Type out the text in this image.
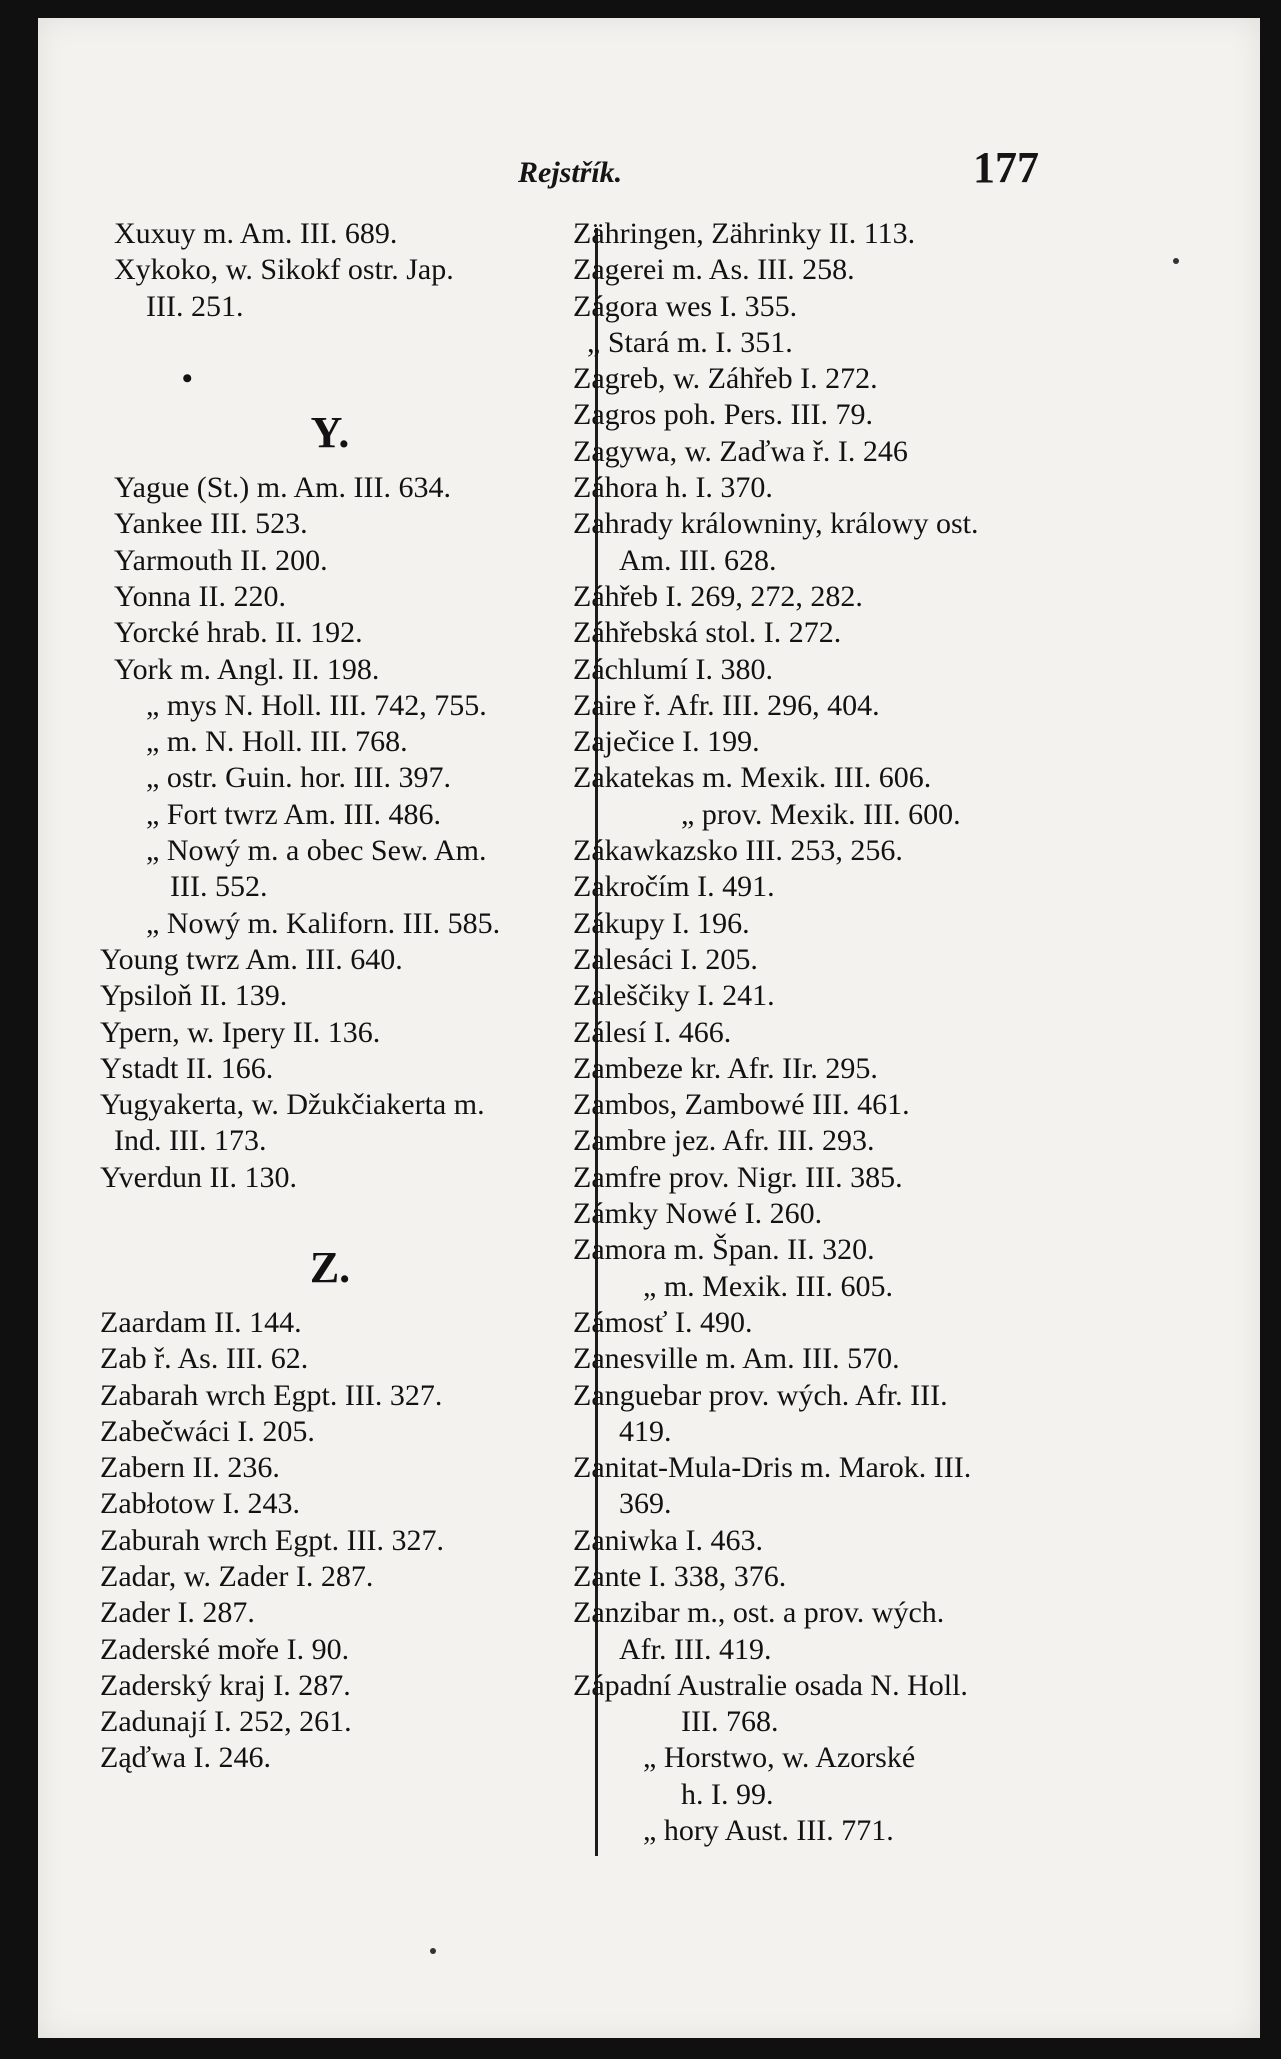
Rejstřík.	177
Xuxuy m. Am. III. 689.
Xykoko, w. Sikokf ostr. Jap.
III. 251.
•
Y.
Yague (St.) m. Am. III. 634.
Yankee III. 523.
Yarmouth II. 200.
Yonna II. 220.
Yorcké hrab. II. 192.
York m. Angl. II. 198.
„ mys N. Holl. III. 742, 755.
„ m. N. Holl. III. 768.
„ ostr. Guin. hor. III. 397.
„ Fort twrz Am. III. 486.
„ Nowý m. a obec Sew. Am.
III. 552.
„ Nowý m. Kaliforn. III. 585.
Young twrz Am. III. 640.
Ypsiloň II. 139.
Ypern, w. Ipery II. 136.
Ystadt II. 166.
Yugyakerta, w. Džukčiakerta m.
Ind. III. 173.
Yverdun II. 130.
Z.
Zaardam II. 144.
Zab ř. As. III. 62.
Zabarah wrch Egpt. III. 327.
Zabečwáci I. 205.
Zabern II. 236.
Zabłotow I. 243.
Zaburah wrch Egpt. III. 327.
Zadar, w. Zader I. 287.
Zader I. 287.
Zaderské moře I. 90.
Zaderský kraj I. 287.
Zadunají I. 252, 261.
Ząďwa I. 246.
Zähringen, Zährinky II. 113.
Zagerei m. As. III. 258.
Zágora wes I. 355.
„ Stará m. I. 351.
Zagreb, w. Záhřeb I. 272.
Zagros poh. Pers. III. 79.
Zagywa, w. Zaďwa ř. I. 246
Záhora h. I. 370.
Zahrady králowniny, králowy ost.
Am. III. 628.
Záhřeb I. 269, 272, 282.
Záhřebská stol. I. 272.
Záchlumí I. 380.
Zaire ř. Afr. III. 296, 404.
Zaječice I. 199.
Zakatekas m. Mexik. III. 606.
„ prov. Mexik. III. 600.
Zákawkazsko III. 253, 256.
Zakročím I. 491.
Zákupy I. 196.
Zalesáci I. 205.
Zaleščiky I. 241.
Zálesí I. 466.
Zambeze kr. Afr. IIr. 295.
Zambos, Zambowé III. 461.
Zambre jez. Afr. III. 293.
Zamfre prov. Nigr. III. 385.
Zámky Nowé I. 260.
Zamora m. Špan. II. 320.
„ m. Mexik. III. 605.
Zámosť I. 490.
Zanesville m. Am. III. 570.
Zanguebar prov. wých. Afr. III.
419.
Zanitat-Mula-Dris m. Marok. III.
369.
Zaniwka I. 463.
Zante I. 338, 376.
Zanzibar m., ost. a prov. wých.
Afr. III. 419.
Západní Australie osada N. Holl.
III. 768.
„ Horstwo, w. Azorské
h. I. 99.
„ hory Aust. III. 771.
